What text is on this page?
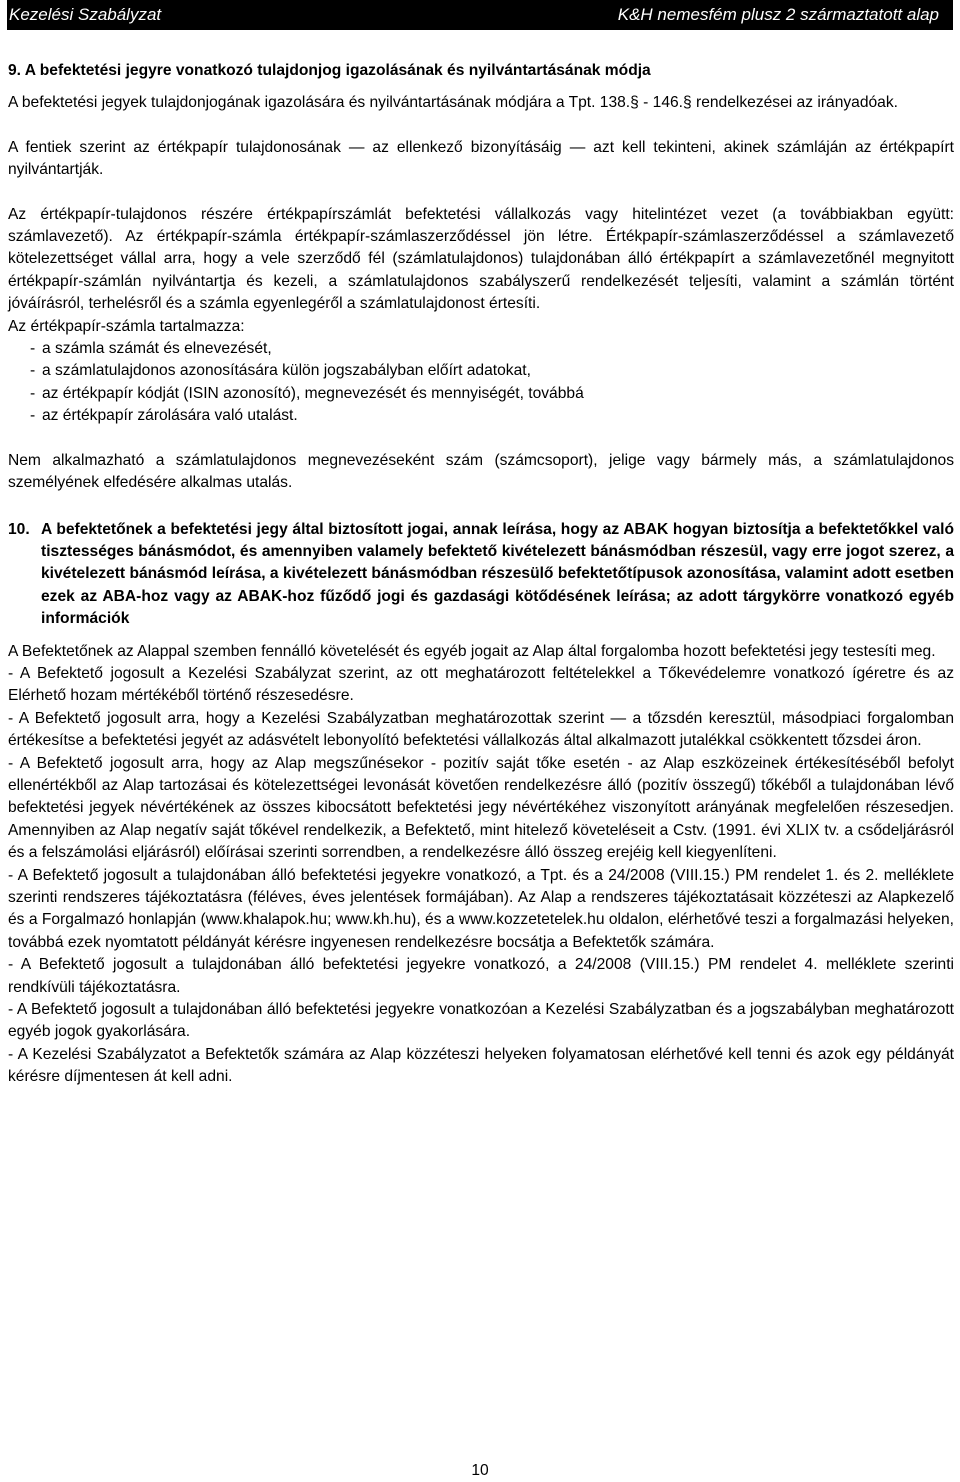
Kezelési Szabályzat	K&H nemesfém plusz 2 származtatott alap

9. A befektetési jegyre vonatkozó tulajdonjog igazolásának és nyilvántartásának módja

A befektetési jegyek tulajdonjogának igazolására és nyilvántartásának módjára a Tpt. 138.§ - 146.§ rendelkezései az irányadóak.

A fentiek szerint az értékpapír tulajdonosának — az ellenkező bizonyításáig — azt kell tekinteni, akinek számláján az értékpapírt nyilvántartják.

Az értékpapír-tulajdonos részére értékpapírszámlát befektetési vállalkozás vagy hitelintézet vezet (a továbbiakban együtt: számlavezető). Az értékpapír-számla értékpapír-számlaszerződéssel jön létre. Értékpapír-számlaszerződéssel a számlavezető kötelezettséget vállal arra, hogy a vele szerződő fél (számlatulajdonos) tulajdonában álló értékpapírt a számlavezetőnél megnyitott értékpapír-számlán nyilvántartja és kezeli, a számlatulajdonos szabályszerű rendelkezését teljesíti, valamint a számlán történt jóváírásról, terhelésről és a számla egyenlegéről a számlatulajdonost értesíti.

Az értékpapír-számla tartalmazza:

- a számla számát és elnevezését,
- a számlatulajdonos azonosítására külön jogszabályban előírt adatokat,
- az értékpapír kódját (ISIN azonosító), megnevezését és mennyiségét, továbbá
- az értékpapír zárolására való utalást.

Nem alkalmazható a számlatulajdonos megnevezéseként szám (számcsoport), jelige vagy bármely más, a számlatulajdonos személyének elfedésére alkalmas utalás.

10. A befektetőnek a befektetési jegy által biztosított jogai, annak leírása, hogy az ABAK hogyan biztosítja a befektetőkkel való tisztességes bánásmódot, és amennyiben valamely befektető kivételezett bánásmódban részesül, vagy erre jogot szerez, a kivételezett bánásmód leírása, a kivételezett bánásmódban részesülő befektetőtípusok azonosítása, valamint adott esetben ezek az ABA-hoz vagy az ABAK-hoz fűződő jogi és gazdasági kötődésének leírása; az adott tárgykörre vonatkozó egyéb információk

A Befektetőnek az Alappal szemben fennálló követelését és egyéb jogait az Alap által forgalomba hozott befektetési jegy testesíti meg.

- A Befektető jogosult a Kezelési Szabályzat szerint, az ott meghatározott feltételekkel a Tőkevédelemre vonatkozó ígéretre és az Elérhető hozam mértékéből történő részesedésre.

- A Befektető jogosult arra, hogy a Kezelési Szabályzatban meghatározottak szerint — a tőzsdén keresztül, másodpiaci forgalomban értékesítse a befektetési jegyét az adásvételt lebonyolító befektetési vállalkozás által alkalmazott jutalékkal csökkentett tőzsdei áron.

- A Befektető jogosult arra, hogy az Alap megszűnésekor - pozitív saját tőke esetén - az Alap eszközeinek értékesítéséből befolyt ellenértékből az Alap tartozásai és kötelezettségei levonását követően rendelkezésre álló (pozitív összegű) tőkéből a tulajdonában lévő befektetési jegyek névértékének az összes kibocsátott befektetési jegy névértékéhez viszonyított arányának megfelelően részesedjen. Amennyiben az Alap negatív saját tőkével rendelkezik, a Befektető, mint hitelező követeléseit a Cstv. (1991. évi XLIX tv. a csődeljárásról és a felszámolási eljárásról) előírásai szerinti sorrendben, a rendelkezésre álló összeg erejéig kell kiegyenlíteni.

- A Befektető jogosult a tulajdonában álló befektetési jegyekre vonatkozó, a Tpt. és a 24/2008 (VIII.15.) PM rendelet 1. és 2. melléklete szerinti rendszeres tájékoztatásra (féléves, éves jelentések formájában). Az Alap a rendszeres tájékoztatásait közzéteszi az Alapkezelő és a Forgalmazó honlapján (www.khalapok.hu; www.kh.hu), és a www.kozzetetelek.hu oldalon, elérhetővé teszi a forgalmazási helyeken, továbbá ezek nyomtatott példányát kérésre ingyenesen rendelkezésre bocsátja a Befektetők számára.

- A Befektető jogosult a tulajdonában álló befektetési jegyekre vonatkozó, a 24/2008 (VIII.15.) PM rendelet 4. melléklete szerinti rendkívüli tájékoztatásra.

- A Befektető jogosult a tulajdonában álló befektetési jegyekre vonatkozóan a Kezelési Szabályzatban és a jogszabályban meghatározott egyéb jogok gyakorlására.

- A Kezelési Szabályzatot a Befektetők számára az Alap közzéteszi helyeken folyamatosan elérhetővé kell tenni és azok egy példányát kérésre díjmentesen át kell adni.

10
